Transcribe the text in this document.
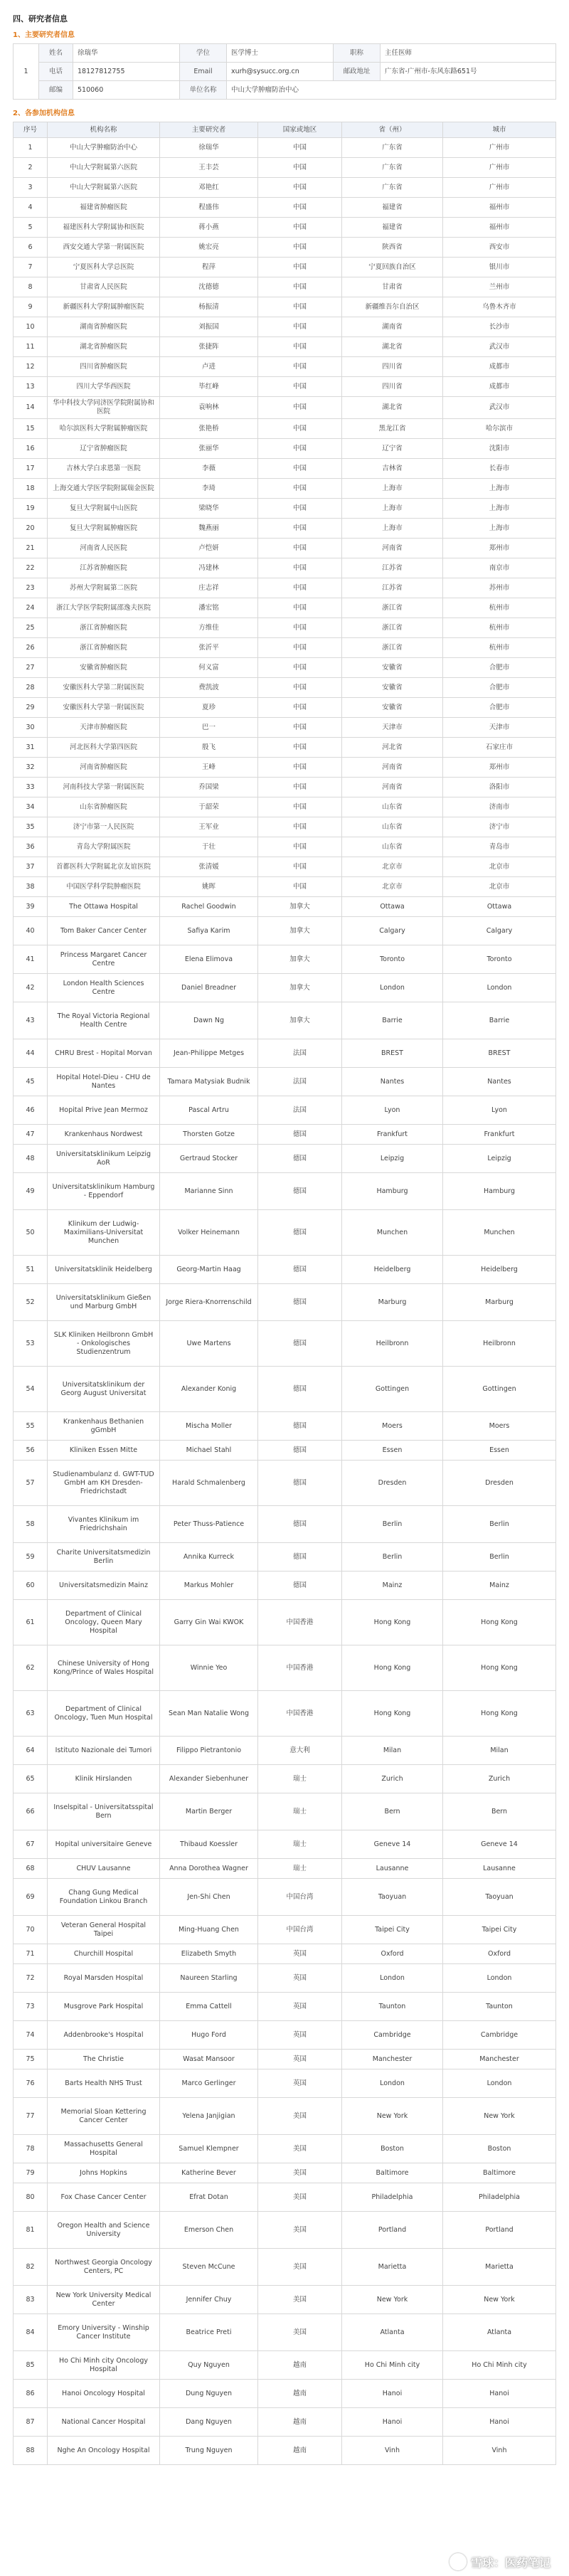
四、研究者信息
1、主要研究者信息
1	姓名	徐瑞华	学位	医学博士	职称	主任医师
	电话	18127812755	Email	xurh@sysucc.org.cn	邮政地址	广东省-广州市-东风东路651号
	邮编	510060	单位名称	中山大学肿瘤防治中心		
2、各参加机构信息
序号	机构名称	主要研究者	国家或地区	省（州）	城市
1	中山大学肿瘤防治中心	徐瑞华	中国	广东省	广州市
2	中山大学附属第六医院	王丰芸	中国	广东省	广州市
3	中山大学附属第六医院	邓艳红	中国	广东省	广州市
4	福建省肿瘤医院	程盛伟	中国	福建省	福州市
5	福建医科大学附属协和医院	蒋小燕	中国	福建省	福州市
6	西安交通大学第一附属医院	姚宏亮	中国	陕西省	西安市
7	宁夏医科大学总医院	程萍	中国	宁夏回族自治区	银川市
8	甘肃省人民医院	沈德德	中国	甘肃省	兰州市
9	新疆医科大学附属肿瘤医院	杨振清	中国	新疆维吾尔自治区	乌鲁木齐市
10	湖南省肿瘤医院	刘振国	中国	湖南省	长沙市
11	湖北省肿瘤医院	张捷阵	中国	湖北省	武汉市
12	四川省肿瘤医院	卢进	中国	四川省	成都市
13	四川大学华西医院	毕红峰	中国	四川省	成都市
14	华中科技大学同济医学院附属协和医院	袁响林	中国	湖北省	武汉市
15	哈尔滨医科大学附属肿瘤医院	张艳桥	中国	黑龙江省	哈尔滨市
16	辽宁省肿瘤医院	张丽华	中国	辽宁省	沈阳市
17	吉林大学白求恩第一医院	李薇	中国	吉林省	长春市
18	上海交通大学医学院附属瑞金医院	李琦	中国	上海市	上海市
19	复旦大学附属中山医院	梁晓华	中国	上海市	上海市
20	复旦大学附属肿瘤医院	魏燕丽	中国	上海市	上海市
21	河南省人民医院	卢恺妍	中国	河南省	郑州市
22	江苏省肿瘤医院	冯建林	中国	江苏省	南京市
23	苏州大学附属第二医院	庄志祥	中国	江苏省	苏州市
24	浙江大学医学院附属邵逸夫医院	潘宏铭	中国	浙江省	杭州市
25	浙江省肿瘤医院	方维佳	中国	浙江省	杭州市
26	浙江省肿瘤医院	张沂平	中国	浙江省	杭州市
27	安徽省肿瘤医院	何义富	中国	安徽省	合肥市
28	安徽医科大学第二附属医院	费凯波	中国	安徽省	合肥市
29	安徽医科大学第一附属医院	夏珍	中国	安徽省	合肥市
30	天津市肿瘤医院	巴一	中国	天津市	天津市
31	河北医科大学第四医院	殷飞	中国	河北省	石家庄市
32	河南省肿瘤医院	王峰	中国	河南省	郑州市
33	河南科技大学第一附属医院	乔国梁	中国	河南省	洛阳市
34	山东省肿瘤医院	于韶荣	中国	山东省	济南市
35	济宁市第一人民医院	王军业	中国	山东省	济宁市
36	青岛大学附属医院	于壮	中国	山东省	青岛市
37	首都医科大学附属北京友谊医院	张清媛	中国	北京市	北京市
38	中国医学科学院肿瘤医院	姚晖	中国	北京市	北京市
39	The Ottawa Hospital	Rachel Goodwin	加拿大	Ottawa	Ottawa
40	Tom Baker Cancer Center	Safiya Karim	加拿大	Calgary	Calgary
41	Princess Margaret Cancer Centre	Elena Elimova	加拿大	Toronto	Toronto
42	London Health Sciences Centre	Daniel Breadner	加拿大	London	London
43	The Royal Victoria Regional Health Centre	Dawn Ng	加拿大	Barrie	Barrie
44	CHRU Brest - Hopital Morvan	Jean-Philippe Metges	法国	BREST	BREST
45	Hopital Hotel-Dieu - CHU de Nantes	Tamara Matysiak Budnik	法国	Nantes	Nantes
46	Hopital Prive Jean Mermoz	Pascal Artru	法国	Lyon	Lyon
47	Krankenhaus Nordwest	Thorsten Gotze	德国	Frankfurt	Frankfurt
48	Universitatsklinikum Leipzig AoR	Gertraud Stocker	德国	Leipzig	Leipzig
49	Universitatsklinikum Hamburg - Eppendorf	Marianne Sinn	德国	Hamburg	Hamburg
50	Klinikum der Ludwig-Maximilians-Universitat Munchen	Volker Heinemann	德国	Munchen	Munchen
51	Universitatsklinik Heidelberg	Georg-Martin Haag	德国	Heidelberg	Heidelberg
52	Universitatsklinikum Gießen und Marburg GmbH	Jorge Riera-Knorrenschild	德国	Marburg	Marburg
53	SLK Kliniken Heilbronn GmbH - Onkologisches Studienzentrum	Uwe Martens	德国	Heilbronn	Heilbronn
54	Universitatsklinikum der Georg August Universitat	Alexander Konig	德国	Gottingen	Gottingen
55	Krankenhaus Bethanien gGmbH	Mischa Moller	德国	Moers	Moers
56	Kliniken Essen Mitte	Michael Stahl	德国	Essen	Essen
57	Studienambulanz d. GWT-TUD GmbH am KH Dresden-Friedrichstadt	Harald Schmalenberg	德国	Dresden	Dresden
58	Vivantes Klinikum im Friedrichshain	Peter Thuss-Patience	德国	Berlin	Berlin
59	Charite Universitatsmedizin Berlin	Annika Kurreck	德国	Berlin	Berlin
60	Universitatsmedizin Mainz	Markus Mohler	德国	Mainz	Mainz
61	Department of Clinical Oncology, Queen Mary Hospital	Garry Gin Wai KWOK	中国香港	Hong Kong	Hong Kong
62	Chinese University of Hong Kong/Prince of Wales Hospital	Winnie Yeo	中国香港	Hong Kong	Hong Kong
63	Department of Clinical Oncology, Tuen Mun Hospital	Sean Man Natalie Wong	中国香港	Hong Kong	Hong Kong
64	Istituto Nazionale dei Tumori	Filippo Pietrantonio	意大利	Milan	Milan
65	Klinik Hirslanden	Alexander Siebenhuner	瑞士	Zurich	Zurich
66	Inselspital - Universitatsspital Bern	Martin Berger	瑞士	Bern	Bern
67	Hopital universitaire Geneve	Thibaud Koessler	瑞士	Geneve 14	Geneve 14
68	CHUV Lausanne	Anna Dorothea Wagner	瑞士	Lausanne	Lausanne
69	Chang Gung Medical Foundation Linkou Branch	Jen-Shi Chen	中国台湾	Taoyuan	Taoyuan
70	Veteran General Hospital Taipei	Ming-Huang Chen	中国台湾	Taipei City	Taipei City
71	Churchill Hospital	Elizabeth Smyth	英国	Oxford	Oxford
72	Royal Marsden Hospital	Naureen Starling	英国	London	London
73	Musgrove Park Hospital	Emma Cattell	英国	Taunton	Taunton
74	Addenbrooke's Hospital	Hugo Ford	英国	Cambridge	Cambridge
75	The Christie	Wasat Mansoor	英国	Manchester	Manchester
76	Barts Health NHS Trust	Marco Gerlinger	英国	London	London
77	Memorial Sloan Kettering Cancer Center	Yelena Janjigian	美国	New York	New York
78	Massachusetts General Hospital	Samuel Klempner	美国	Boston	Boston
79	Johns Hopkins	Katherine Bever	美国	Baltimore	Baltimore
80	Fox Chase Cancer Center	Efrat Dotan	美国	Philadelphia	Philadelphia
81	Oregon Health and Science University	Emerson Chen	美国	Portland	Portland
82	Northwest Georgia Oncology Centers, PC	Steven McCune	美国	Marietta	Marietta
83	New York University Medical Center	Jennifer Chuy	美国	New York	New York
84	Emory University - Winship Cancer Institute	Beatrice Preti	美国	Atlanta	Atlanta
85	Ho Chi Minh city Oncology Hospital	Quy Nguyen	越南	Ho Chi Minh city	Ho Chi Minh city
86	Hanoi Oncology Hospital	Dung Nguyen	越南	Hanoi	Hanoi
87	National Cancer Hospital	Dang Nguyen	越南	Hanoi	Hanoi
88	Nghe An Oncology Hospital	Trung Nguyen	越南	Vinh	Vinh
雪球：医药笔记
